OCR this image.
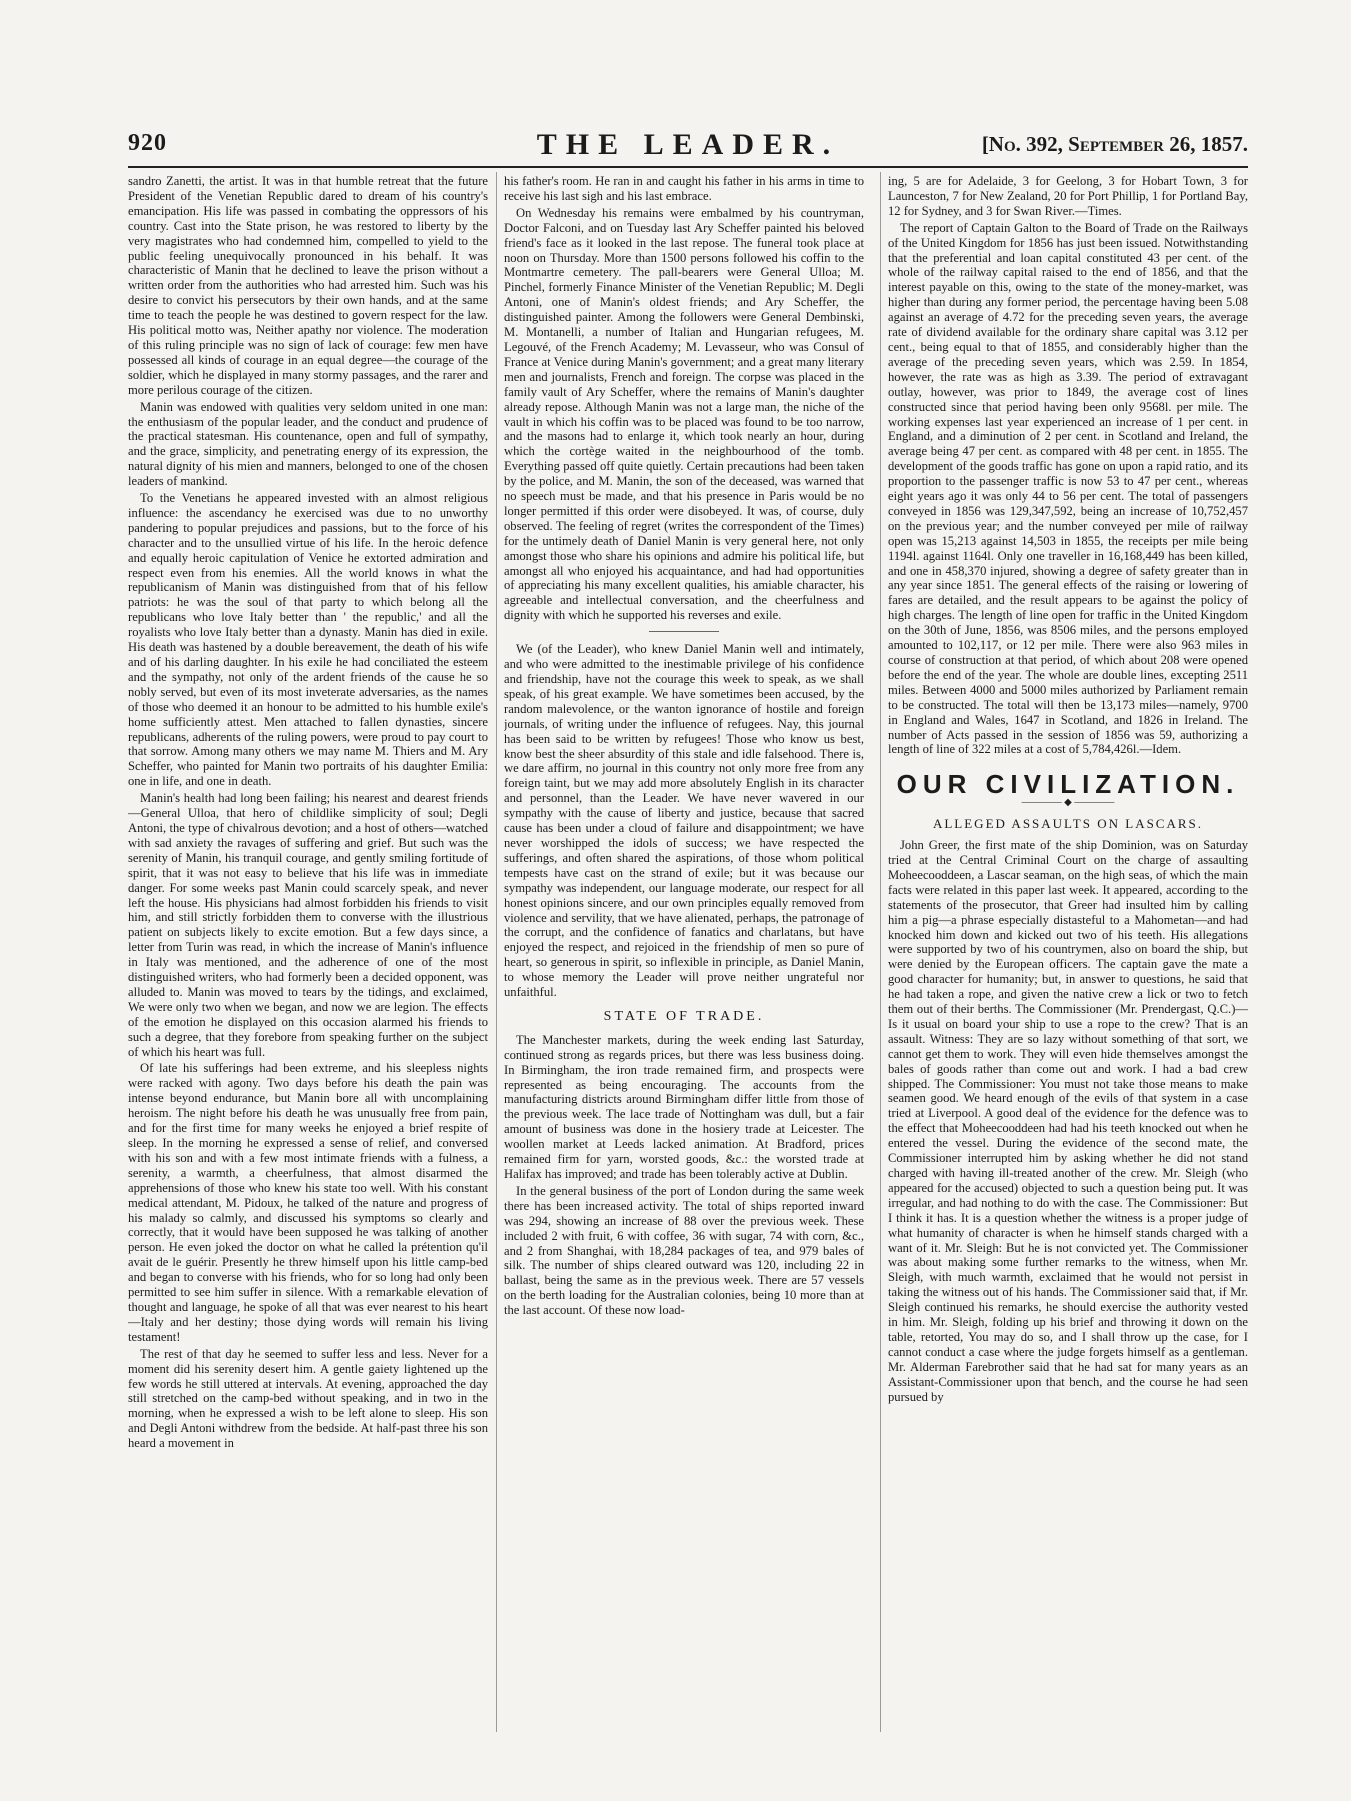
920	THE LEADER.	[No. 392, September 26, 1857.

sandro Zanetti, the artist. It was in that humble retreat that the future President of the Venetian Republic dared to dream of his country's emancipation. His life was passed in combating the oppressors of his country. Cast into the State prison, he was restored to liberty by the very magistrates who had condemned him, compelled to yield to the public feeling unequivocally pronounced in his behalf. It was characteristic of Manin that he declined to leave the prison without a written order from the authorities who had arrested him. Such was his desire to convict his persecutors by their own hands, and at the same time to teach the people he was destined to govern respect for the law. His political motto was, Neither apathy nor violence. The moderation of this ruling principle was no sign of lack of courage: few men have possessed all kinds of courage in an equal degree—the courage of the soldier, which he displayed in many stormy passages, and the rarer and more perilous courage of the citizen.

Manin was endowed with qualities very seldom united in one man: the enthusiasm of the popular leader, and the conduct and prudence of the practical statesman. His countenance, open and full of sympathy, and the grace, simplicity, and penetrating energy of its expression, the natural dignity of his mien and manners, belonged to one of the chosen leaders of mankind.

To the Venetians he appeared invested with an almost religious influence: the ascendancy he exercised was due to no unworthy pandering to popular prejudices and passions, but to the force of his character and to the unsullied virtue of his life. In the heroic defence and equally heroic capitulation of Venice he extorted admiration and respect even from his enemies. All the world knows in what the republicanism of Manin was distinguished from that of his fellow patriots: he was the soul of that party to which belong all the republicans who love Italy better than ' the republic,' and all the royalists who love Italy better than a dynasty. Manin has died in exile. His death was hastened by a double bereavement, the death of his wife and of his darling daughter. In his exile he had conciliated the esteem and the sympathy, not only of the ardent friends of the cause he so nobly served, but even of its most inveterate adversaries, as the names of those who deemed it an honour to be admitted to his humble exile's home sufficiently attest. Men attached to fallen dynasties, sincere republicans, adherents of the ruling powers, were proud to pay court to that sorrow. Among many others we may name M. Thiers and M. Ary Scheffer, who painted for Manin two portraits of his daughter Emilia: one in life, and one in death.

Manin's health had long been failing; his nearest and dearest friends—General Ulloa, that hero of childlike simplicity of soul; Degli Antoni, the type of chivalrous devotion; and a host of others—watched with sad anxiety the ravages of suffering and grief. But such was the serenity of Manin, his tranquil courage, and gently smiling fortitude of spirit, that it was not easy to believe that his life was in immediate danger. For some weeks past Manin could scarcely speak, and never left the house. His physicians had almost forbidden his friends to visit him, and still strictly forbidden them to converse with the illustrious patient on subjects likely to excite emotion. But a few days since, a letter from Turin was read, in which the increase of Manin's influence in Italy was mentioned, and the adherence of one of the most distinguished writers, who had formerly been a decided opponent, was alluded to. Manin was moved to tears by the tidings, and exclaimed, We were only two when we began, and now we are legion. The effects of the emotion he displayed on this occasion alarmed his friends to such a degree, that they forebore from speaking further on the subject of which his heart was full.

Of late his sufferings had been extreme, and his sleepless nights were racked with agony. Two days before his death the pain was intense beyond endurance, but Manin bore all with uncomplaining heroism. The night before his death he was unusually free from pain, and for the first time for many weeks he enjoyed a brief respite of sleep. In the morning he expressed a sense of relief, and conversed with his son and with a few most intimate friends with a fulness, a serenity, a warmth, a cheerfulness, that almost disarmed the apprehensions of those who knew his state too well. With his constant medical attendant, M. Pidoux, he talked of the nature and progress of his malady so calmly, and discussed his symptoms so clearly and correctly, that it would have been supposed he was talking of another person. He even joked the doctor on what he called la prétention qu'il avait de le guérir. Presently he threw himself upon his little camp-bed and began to converse with his friends, who for so long had only been permitted to see him suffer in silence. With a remarkable elevation of thought and language, he spoke of all that was ever nearest to his heart—Italy and her destiny; those dying words will remain his living testament!

The rest of that day he seemed to suffer less and less. Never for a moment did his serenity desert him. A gentle gaiety lightened up the few words he still uttered at intervals. At evening, approached the day still stretched on the camp-bed without speaking, and in two in the morning, when he expressed a wish to be left alone to sleep. His son and Degli Antoni withdrew from the bedside. At half-past three his son heard a movement in

his father's room. He ran in and caught his father in his arms in time to receive his last sigh and his last embrace.

On Wednesday his remains were embalmed by his countryman, Doctor Falconi, and on Tuesday last Ary Scheffer painted his beloved friend's face as it looked in the last repose. The funeral took place at noon on Thursday. More than 1500 persons followed his coffin to the Montmartre cemetery. The pall-bearers were General Ulloa; M. Pinchel, formerly Finance Minister of the Venetian Republic; M. Degli Antoni, one of Manin's oldest friends; and Ary Scheffer, the distinguished painter. Among the followers were General Dembinski, M. Montanelli, a number of Italian and Hungarian refugees, M. Legouvé, of the French Academy; M. Levasseur, who was Consul of France at Venice during Manin's government; and a great many literary men and journalists, French and foreign. The corpse was placed in the family vault of Ary Scheffer, where the remains of Manin's daughter already repose. Although Manin was not a large man, the niche of the vault in which his coffin was to be placed was found to be too narrow, and the masons had to enlarge it, which took nearly an hour, during which the cortège waited in the neighbourhood of the tomb. Everything passed off quite quietly. Certain precautions had been taken by the police, and M. Manin, the son of the deceased, was warned that no speech must be made, and that his presence in Paris would be no longer permitted if this order were disobeyed. It was, of course, duly observed. The feeling of regret (writes the correspondent of the Times) for the untimely death of Daniel Manin is very general here, not only amongst those who share his opinions and admire his political life, but amongst all who enjoyed his acquaintance, and had had opportunities of appreciating his many excellent qualities, his amiable character, his agreeable and intellectual conversation, and the cheerfulness and dignity with which he supported his reverses and exile.

We (of the Leader), who knew Daniel Manin well and intimately, and who were admitted to the inestimable privilege of his confidence and friendship, have not the courage this week to speak, as we shall speak, of his great example. We have sometimes been accused, by the random malevolence, or the wanton ignorance of hostile and foreign journals, of writing under the influence of refugees. Nay, this journal has been said to be written by refugees! Those who know us best, know best the sheer absurdity of this stale and idle falsehood. There is, we dare affirm, no journal in this country not only more free from any foreign taint, but we may add more absolutely English in its character and personnel, than the Leader. We have never wavered in our sympathy with the cause of liberty and justice, because that sacred cause has been under a cloud of failure and disappointment; we have never worshipped the idols of success; we have respected the sufferings, and often shared the aspirations, of those whom political tempests have cast on the strand of exile; but it was because our sympathy was independent, our language moderate, our respect for all honest opinions sincere, and our own principles equally removed from violence and servility, that we have alienated, perhaps, the patronage of the corrupt, and the confidence of fanatics and charlatans, but have enjoyed the respect, and rejoiced in the friendship of men so pure of heart, so generous in spirit, so inflexible in principle, as Daniel Manin, to whose memory the Leader will prove neither ungrateful nor unfaithful.

STATE OF TRADE.

The Manchester markets, during the week ending last Saturday, continued strong as regards prices, but there was less business doing. In Birmingham, the iron trade remained firm, and prospects were represented as being encouraging. The accounts from the manufacturing districts around Birmingham differ little from those of the previous week. The lace trade of Nottingham was dull, but a fair amount of business was done in the hosiery trade at Leicester. The woollen market at Leeds lacked animation. At Bradford, prices remained firm for yarn, worsted goods, &c.: the worsted trade at Halifax has improved; and trade has been tolerably active at Dublin.

In the general business of the port of London during the same week there has been increased activity. The total of ships reported inward was 294, showing an increase of 88 over the previous week. These included 2 with fruit, 6 with coffee, 36 with sugar, 74 with corn, &c., and 2 from Shanghai, with 18,284 packages of tea, and 979 bales of silk. The number of ships cleared outward was 120, including 22 in ballast, being the same as in the previous week. There are 57 vessels on the berth loading for the Australian colonies, being 10 more than at the last account. Of these now load-

ing, 5 are for Adelaide, 3 for Geelong, 3 for Hobart Town, 3 for Launceston, 7 for New Zealand, 20 for Port Phillip, 1 for Portland Bay, 12 for Sydney, and 3 for Swan River.—Times.

The report of Captain Galton to the Board of Trade on the Railways of the United Kingdom for 1856 has just been issued. Notwithstanding that the preferential and loan capital constituted 43 per cent. of the whole of the railway capital raised to the end of 1856, and that the interest payable on this, owing to the state of the money-market, was higher than during any former period, the percentage having been 5.08 against an average of 4.72 for the preceding seven years, the average rate of dividend available for the ordinary share capital was 3.12 per cent., being equal to that of 1855, and considerably higher than the average of the preceding seven years, which was 2.59. In 1854, however, the rate was as high as 3.39. The period of extravagant outlay, however, was prior to 1849, the average cost of lines constructed since that period having been only 9568l. per mile. The working expenses last year experienced an increase of 1 per cent. in England, and a diminution of 2 per cent. in Scotland and Ireland, the average being 47 per cent. as compared with 48 per cent. in 1855. The development of the goods traffic has gone on upon a rapid ratio, and its proportion to the passenger traffic is now 53 to 47 per cent., whereas eight years ago it was only 44 to 56 per cent. The total of passengers conveyed in 1856 was 129,347,592, being an increase of 10,752,457 on the previous year; and the number conveyed per mile of railway open was 15,213 against 14,503 in 1855, the receipts per mile being 1194l. against 1164l. Only one traveller in 16,168,449 has been killed, and one in 458,370 injured, showing a degree of safety greater than in any year since 1851. The general effects of the raising or lowering of fares are detailed, and the result appears to be against the policy of high charges. The length of line open for traffic in the United Kingdom on the 30th of June, 1856, was 8506 miles, and the persons employed amounted to 102,117, or 12 per mile. There were also 963 miles in course of construction at that period, of which about 208 were opened before the end of the year. The whole are double lines, excepting 2511 miles. Between 4000 and 5000 miles authorized by Parliament remain to be constructed. The total will then be 13,173 miles—namely, 9700 in England and Wales, 1647 in Scotland, and 1826 in Ireland. The number of Acts passed in the session of 1856 was 59, authorizing a length of line of 322 miles at a cost of 5,784,426l.—Idem.

OUR CIVILIZATION.
———— ◆ ————
ALLEGED ASSAULTS ON LASCARS.

John Greer, the first mate of the ship Dominion, was on Saturday tried at the Central Criminal Court on the charge of assaulting Moheecooddeen, a Lascar seaman, on the high seas, of which the main facts were related in this paper last week. It appeared, according to the statements of the prosecutor, that Greer had insulted him by calling him a pig—a phrase especially distasteful to a Mahometan—and had knocked him down and kicked out two of his teeth. His allegations were supported by two of his countrymen, also on board the ship, but were denied by the European officers. The captain gave the mate a good character for humanity; but, in answer to questions, he said that he had taken a rope, and given the native crew a lick or two to fetch them out of their berths. The Commissioner (Mr. Prendergast, Q.C.)—Is it usual on board your ship to use a rope to the crew? That is an assault. Witness: They are so lazy without something of that sort, we cannot get them to work. They will even hide themselves amongst the bales of goods rather than come out and work. I had a bad crew shipped. The Commissioner: You must not take those means to make seamen good. We heard enough of the evils of that system in a case tried at Liverpool. A good deal of the evidence for the defence was to the effect that Moheecooddeen had had his teeth knocked out when he entered the vessel. During the evidence of the second mate, the Commissioner interrupted him by asking whether he did not stand charged with having ill-treated another of the crew. Mr. Sleigh (who appeared for the accused) objected to such a question being put. It was irregular, and had nothing to do with the case. The Commissioner: But I think it has. It is a question whether the witness is a proper judge of what humanity of character is when he himself stands charged with a want of it. Mr. Sleigh: But he is not convicted yet. The Commissioner was about making some further remarks to the witness, when Mr. Sleigh, with much warmth, exclaimed that he would not persist in taking the witness out of his hands. The Commissioner said that, if Mr. Sleigh continued his remarks, he should exercise the authority vested in him. Mr. Sleigh, folding up his brief and throwing it down on the table, retorted, You may do so, and I shall throw up the case, for I cannot conduct a case where the judge forgets himself as a gentleman. Mr. Alderman Farebrother said that he had sat for many years as an Assistant-Commissioner upon that bench, and the course he had seen pursued by
